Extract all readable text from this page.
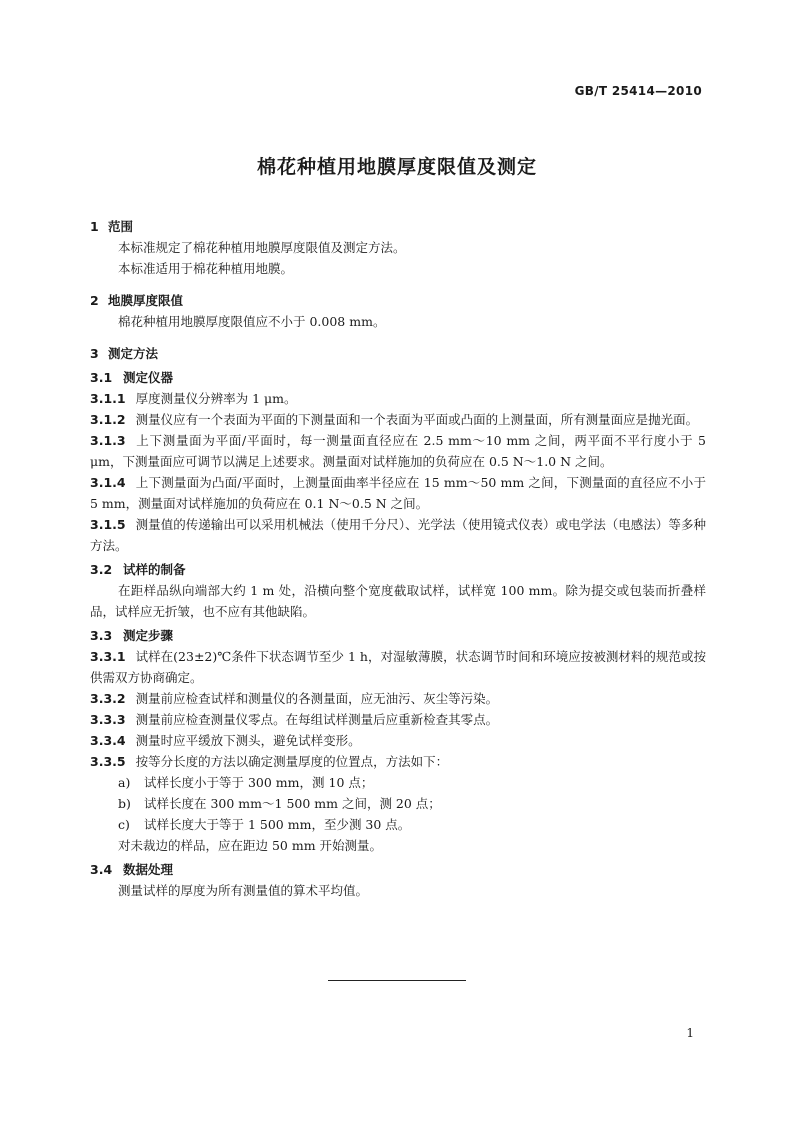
GB/T 25414—2010
棉花种植用地膜厚度限值及测定
1 范围
本标准规定了棉花种植用地膜厚度限值及测定方法。
本标准适用于棉花种植用地膜。
2 地膜厚度限值
棉花种植用地膜厚度限值应不小于 0.008 mm。
3 测定方法
3.1 测定仪器
3.1.1 厚度测量仪分辨率为 1 μm。
3.1.2 测量仪应有一个表面为平面的下测量面和一个表面为平面或凸面的上测量面，所有测量面应是抛光面。
3.1.3 上下测量面为平面/平面时，每一测量面直径应在 2.5 mm～10 mm 之间，两平面不平行度小于 5 μm，下测量面应可调节以满足上述要求。测量面对试样施加的负荷应在 0.5 N～1.0 N 之间。
3.1.4 上下测量面为凸面/平面时，上测量面曲率半径应在 15 mm～50 mm 之间，下测量面的直径应不小于 5 mm，测量面对试样施加的负荷应在 0.1 N～0.5 N 之间。
3.1.5 测量值的传递输出可以采用机械法（使用千分尺）、光学法（使用镜式仪表）或电学法（电感法）等多种方法。
3.2 试样的制备
在距样品纵向端部大约 1 m 处，沿横向整个宽度截取试样，试样宽 100 mm。除为提交或包装而折叠样品，试样应无折皱，也不应有其他缺陷。
3.3 测定步骤
3.3.1 试样在(23±2)℃条件下状态调节至少 1 h，对湿敏薄膜，状态调节时间和环境应按被测材料的规范或按供需双方协商确定。
3.3.2 测量前应检查试样和测量仪的各测量面，应无油污、灰尘等污染。
3.3.3 测量前应检查测量仪零点。在每组试样测量后应重新检查其零点。
3.3.4 测量时应平缓放下测头，避免试样变形。
3.3.5 按等分长度的方法以确定测量厚度的位置点，方法如下：
a) 试样长度小于等于 300 mm，测 10 点；
b) 试样长度在 300 mm～1 500 mm 之间，测 20 点；
c) 试样长度大于等于 1 500 mm，至少测 30 点。
对未裁边的样品，应在距边 50 mm 开始测量。
3.4 数据处理
测量试样的厚度为所有测量值的算术平均值。
1
